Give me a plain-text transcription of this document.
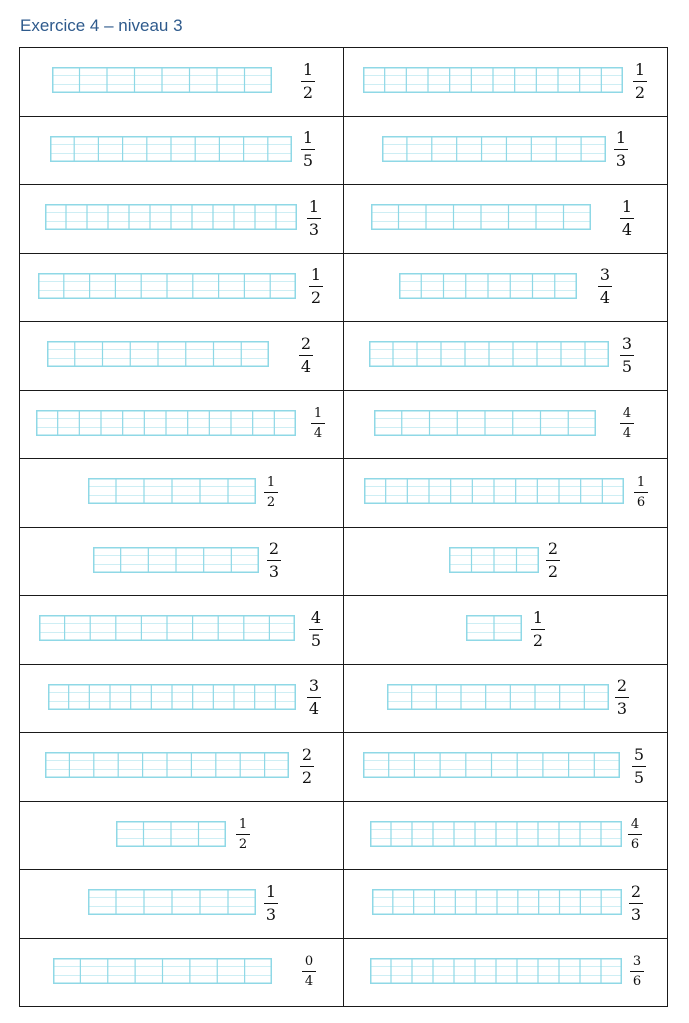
Exercice 4 – niveau 3
1
2
1
2
1
5
1
3
1
3
1
4
1
2
3
4
2
4
3
5
1
4
4
4
1
2
1
6
2
3
2
2
4
5
1
2
3
4
2
3
2
2
5
5
1
2
4
6
1
3
2
3
0
4
3
6
